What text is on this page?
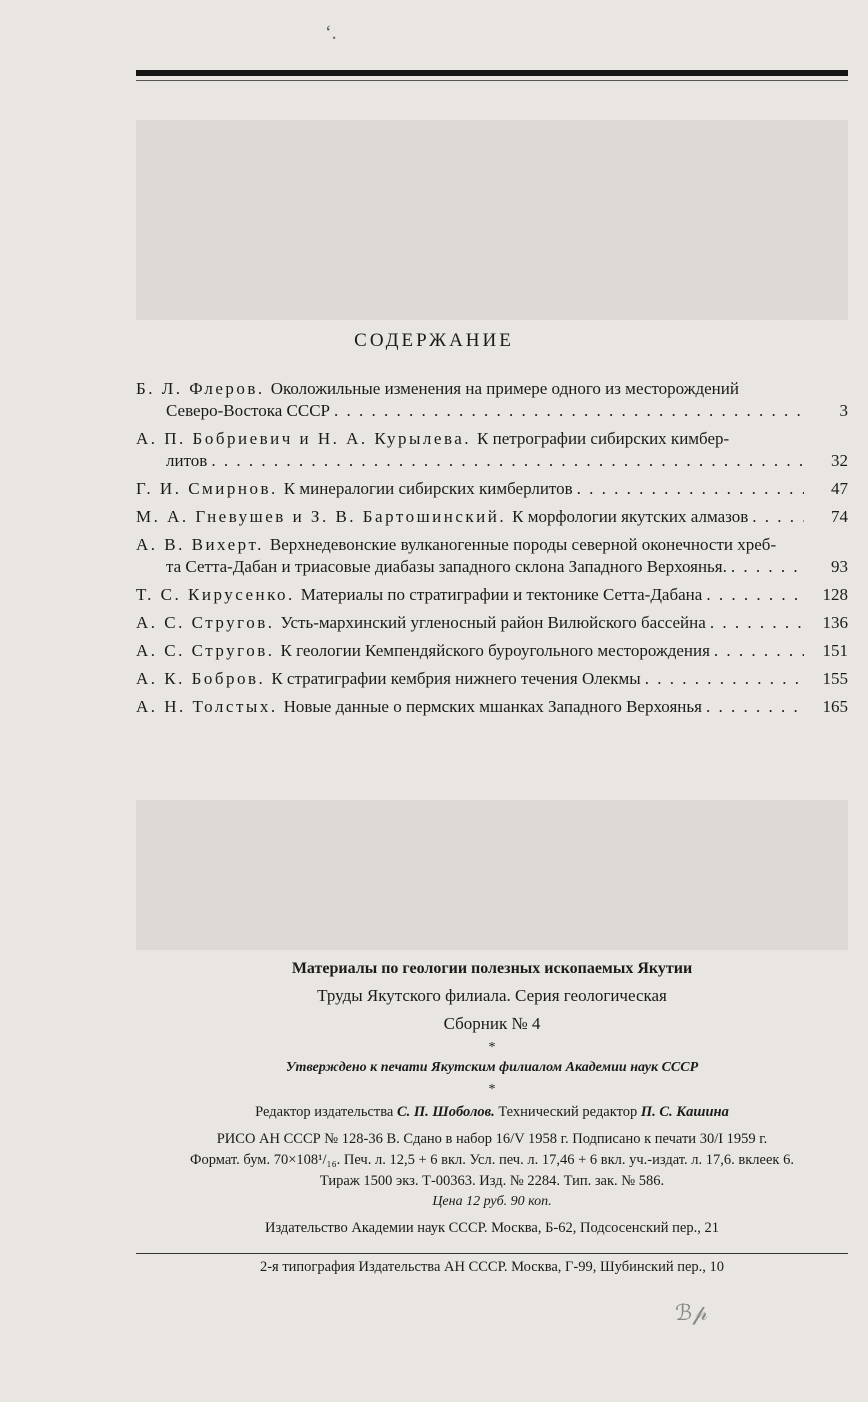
ʻ.
СОДЕРЖАНИЕ
Б. Л. Флеров. Околожильные изменения на примере одного из месторождений
Северо-Востока СССР . . .	3
А. П. Бобриевич и Н. А. Курылева. К петрографии сибирских кимбер-
литов . . .	32
Г. И. Смирнов. К минералогии сибирских кимберлитов . . .	47
М. А. Гневушев и З. В. Бартошинский. К морфологии якутских алмазов . . .	74
А. В. Вихерт. Верхнедевонские вулканогенные породы северной оконечности хреб-
та Сетта-Дабан и триасовые диабазы западного склона Западного Верхоянья. . . .	93
Т. С. Кирусенко. Материалы по стратиграфии и тектонике Сетта-Дабана . . .	128
А. С. Стругов. Усть-мархинский угленосный район Вилюйского бассейна . . .	136
А. С. Стругов. К геологии Кемпендяйского буроугольного месторождения . . .	151
А. К. Бобров. К стратиграфии кембрия нижнего течения Олекмы . . .	155
А. Н. Толстых. Новые данные о пермских мшанках Западного Верхоянья . . .	165
Материалы по геологии полезных ископаемых Якутии
Труды Якутского филиала. Серия геологическая
Сборник № 4
*
Утверждено к печати Якутским филиалом Академии наук СССР
*
Редактор издательства С. П. Шоболов. Технический редактор П. С. Кашина
РИСО АН СССР № 128-36 В. Сдано в набор 16/V 1958 г. Подписано к печати 30/I 1959 г.
Формат. бум. 70×108¹/₁₆. Печ. л. 12,5 + 6 вкл. Усл. печ. л. 17,46 + 6 вкл. уч.-издат. л. 17,6. вклеек 6.
Тираж 1500 экз. Т-00363. Изд. № 2284. Тип. зак. № 586.
Цена 12 руб. 90 коп.
Издательство Академии наук СССР. Москва, Б-62, Подсосенский пер., 21
2-я типография Издательства АН СССР. Москва, Г-99, Шубинский пер., 10
ℬ𝓅
